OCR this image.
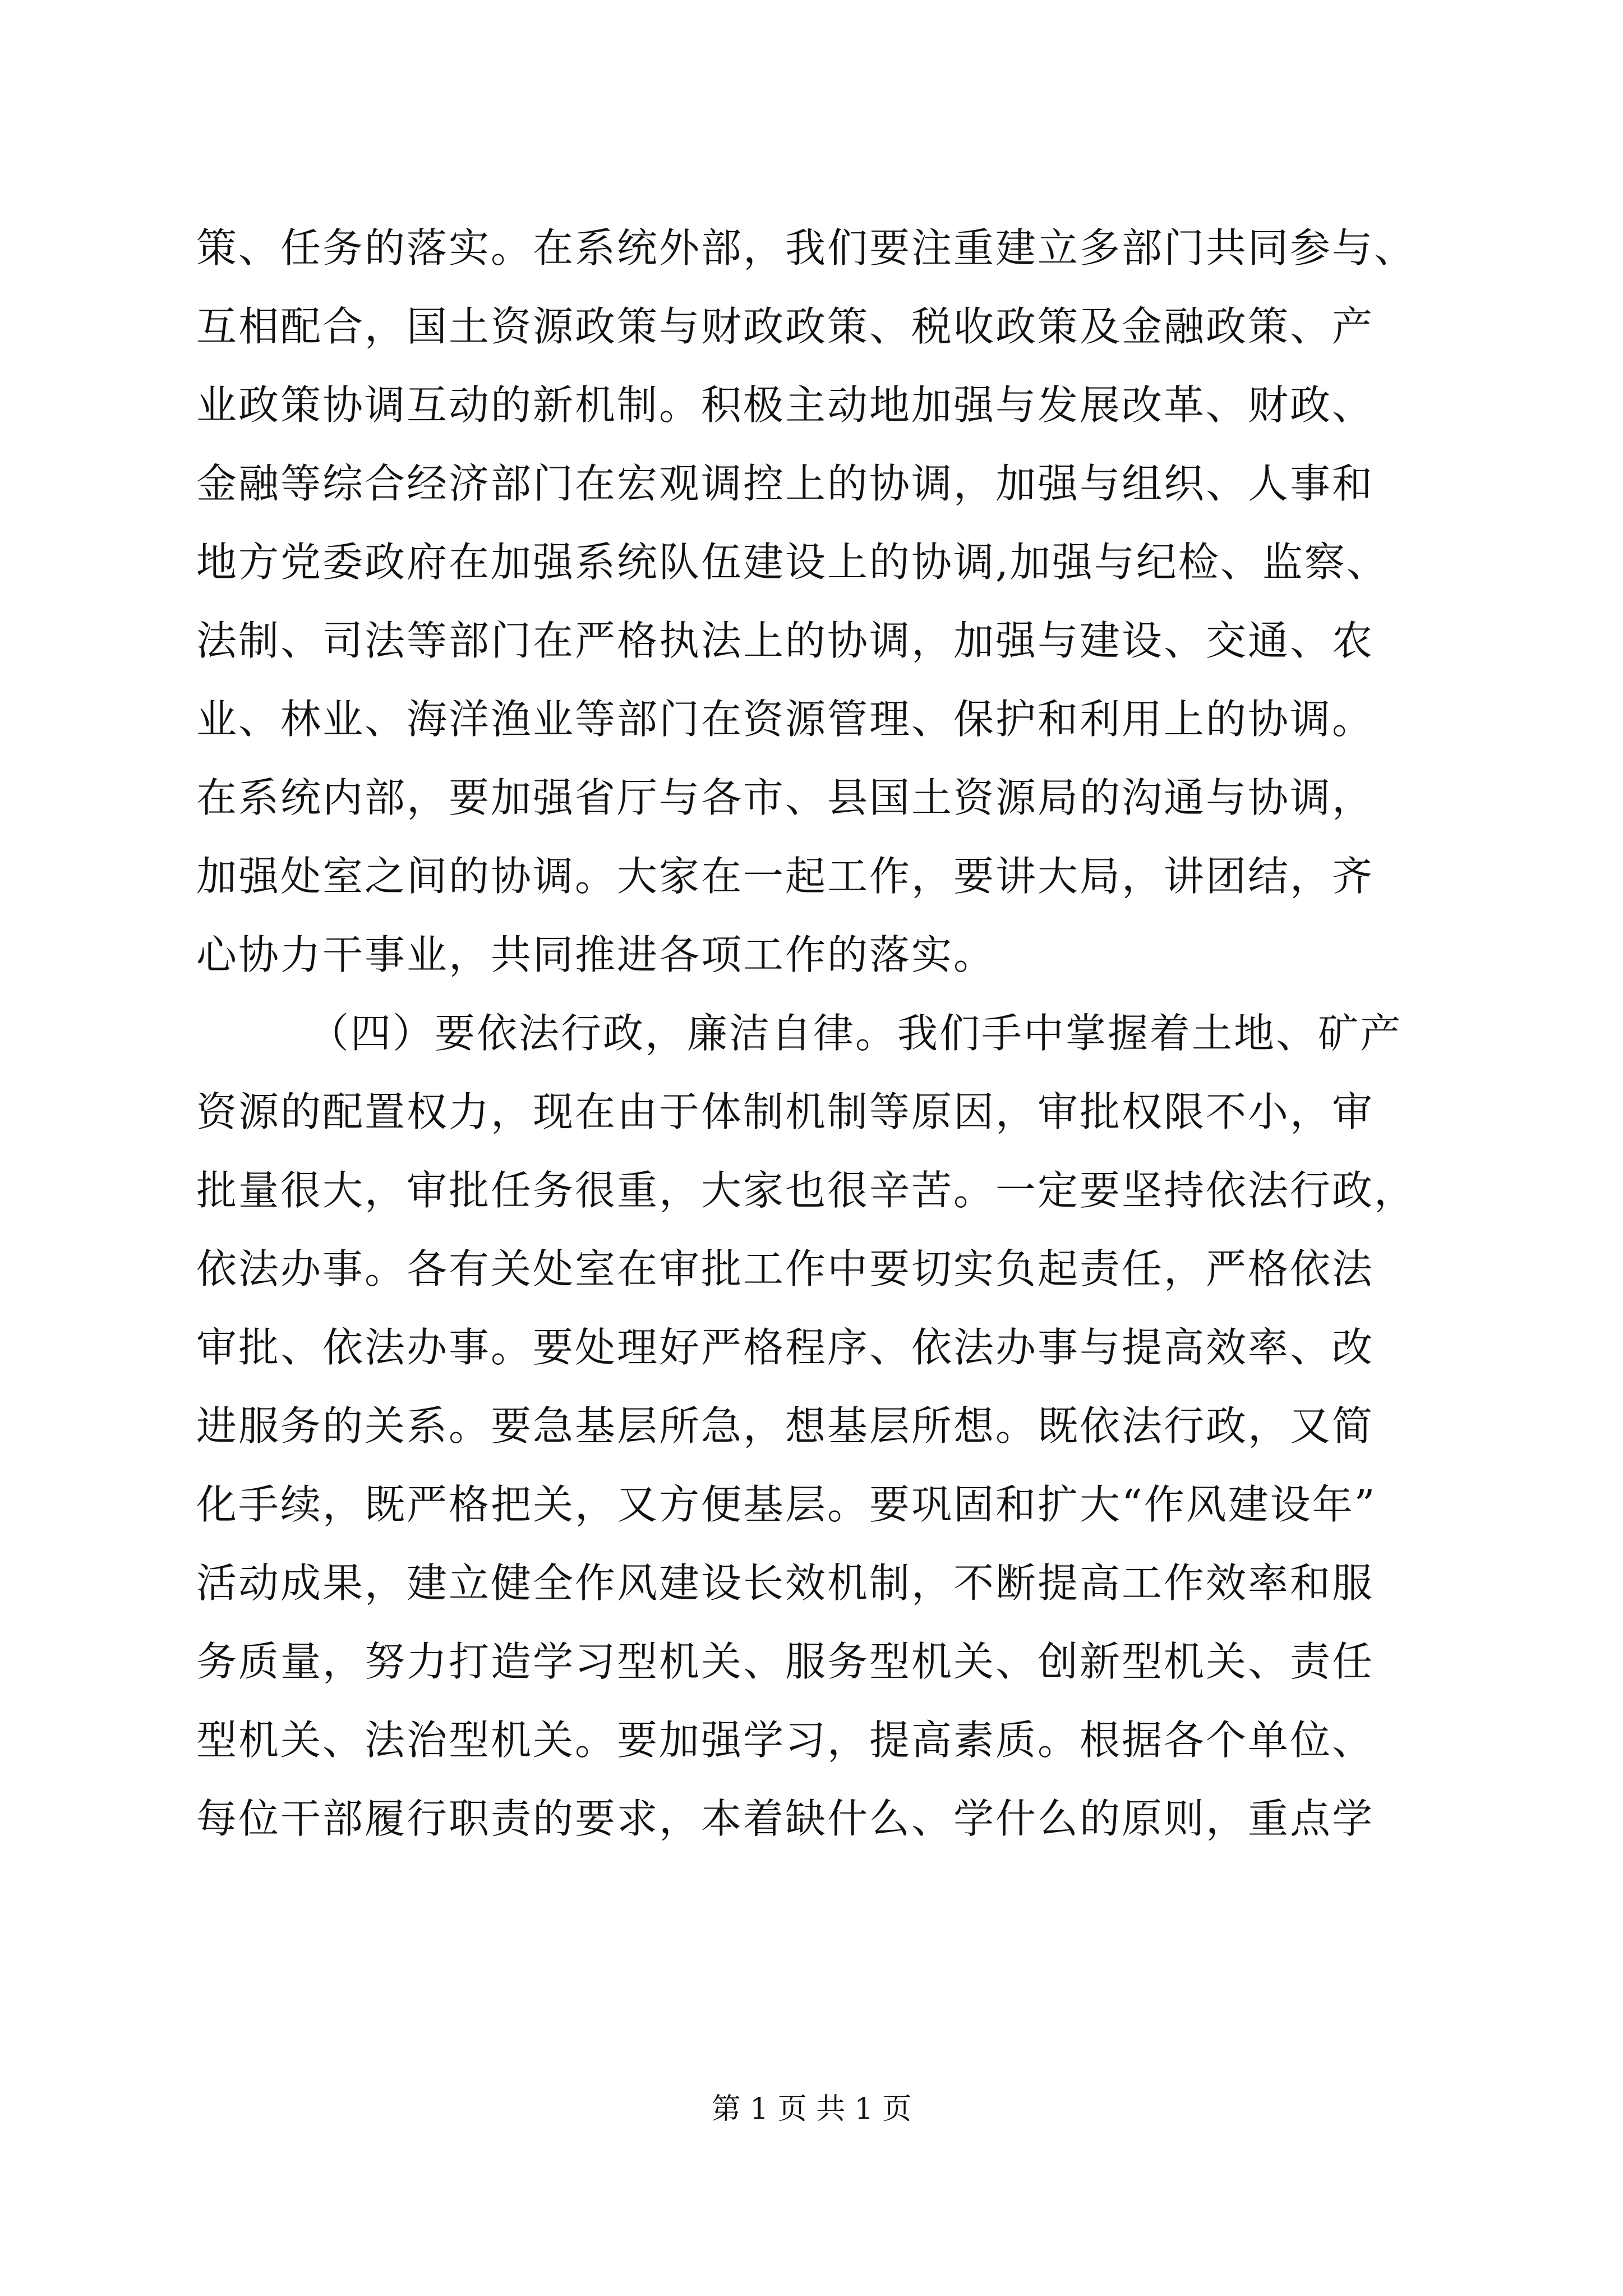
策、任务的落实。在系统外部，我们要注重建立多部门共同参与、
互相配合，国土资源政策与财政政策、税收政策及金融政策、产
业政策协调互动的新机制。积极主动地加强与发展改革、财政、
金融等综合经济部门在宏观调控上的协调，加强与组织、人事和
地方党委政府在加强系统队伍建设上的协调,加强与纪检、监察、
法制、司法等部门在严格执法上的协调，加强与建设、交通、农
业、林业、海洋渔业等部门在资源管理、保护和利用上的协调。
在系统内部，要加强省厅与各市、县国土资源局的沟通与协调，
加强处室之间的协调。大家在一起工作，要讲大局，讲团结，齐
心协力干事业，共同推进各项工作的落实。
（四）要依法行政，廉洁自律。我们手中掌握着土地、矿产
资源的配置权力，现在由于体制机制等原因，审批权限不小，审
批量很大，审批任务很重，大家也很辛苦。一定要坚持依法行政，
依法办事。各有关处室在审批工作中要切实负起责任，严格依法
审批、依法办事。要处理好严格程序、依法办事与提高效率、改
进服务的关系。要急基层所急，想基层所想。既依法行政，又简
化手续，既严格把关，又方便基层。要巩固和扩大“作风建设年”
活动成果，建立健全作风建设长效机制，不断提高工作效率和服
务质量，努力打造学习型机关、服务型机关、创新型机关、责任
型机关、法治型机关。要加强学习，提高素质。根据各个单位、
每位干部履行职责的要求，本着缺什么、学什么的原则，重点学
第 1 页 共 1 页
